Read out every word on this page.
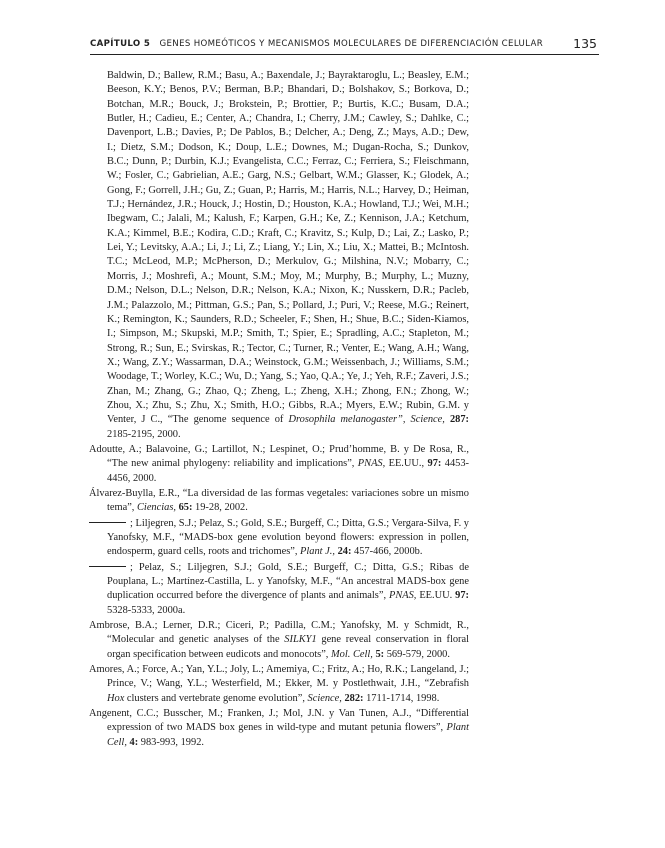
CAPÍTULO 5 GENES HOMEÓTICOS Y MECANISMOS MOLECULARES DE DIFERENCIACIÓN CELULAR 135

Baldwin, D.; Ballew, R.M.; Basu, A.; Baxendale, J.; Bayraktaroglu, L.; Beasley, E.M.; Beeson, K.Y.; Benos, P.V.; Berman, B.P.; Bhandari, D.; Bolshakov, S.; Borkova, D.; Botchan, M.R.; Bouck, J.; Brokstein, P.; Brottier, P.; Burtis, K.C.; Busam, D.A.; Butler, H.; Cadieu, E.; Center, A.; Chandra, I.; Cherry, J.M.; Cawley, S.; Dahlke, C.; Davenport, L.B.; Davies, P.; De Pablos, B.; Delcher, A.; Deng, Z.; Mays, A.D.; Dew, I.; Dietz, S.M.; Dodson, K.; Doup, L.E.; Downes, M.; Dugan-Rocha, S.; Dunkov, B.C.; Dunn, P.; Durbin, K.J.; Evangelista, C.C.; Ferraz, C.; Ferriera, S.; Fleischmann, W.; Fosler, C.; Gabrielian, A.E.; Garg, N.S.; Gelbart, W.M.; Glasser, K.; Glodek, A.; Gong, F.; Gorrell, J.H.; Gu, Z.; Guan, P.; Harris, M.; Harris, N.L.; Harvey, D.; Heiman, T.J.; Hernández, J.R.; Houck, J.; Hostin, D.; Houston, K.A.; Howland, T.J.; Wei, M.H.; Ibegwam, C.; Jalali, M.; Kalush, F.; Karpen, G.H.; Ke, Z.; Kennison, J.A.; Ketchum, K.A.; Kimmel, B.E.; Kodira, C.D.; Kraft, C.; Kravitz, S.; Kulp, D.; Lai, Z.; Lasko, P.; Lei, Y.; Levitsky, A.A.; Li, J.; Li, Z.; Liang, Y.; Lin, X.; Liu, X.; Mattei, B.; McIntosh. T.C.; McLeod, M.P.; McPherson, D.; Merkulov, G.; Milshina, N.V.; Mobarry, C.; Morris, J.; Moshrefi, A.; Mount, S.M.; Moy, M.; Murphy, B.; Murphy, L.; Muzny, D.M.; Nelson, D.L.; Nelson, D.R.; Nelson, K.A.; Nixon, K.; Nusskern, D.R.; Pacleb, J.M.; Palazzolo, M.; Pittman, G.S.; Pan, S.; Pollard, J.; Puri, V.; Reese, M.G.; Reinert, K.; Remington, K.; Saunders, R.D.; Scheeler, F.; Shen, H.; Shue, B.C.; Siden-Kiamos, I.; Simpson, M.; Skupski, M.P.; Smith, T.; Spier, E.; Spradling, A.C.; Stapleton, M.; Strong, R.; Sun, E.; Svirskas, R.; Tector, C.; Turner, R.; Venter, E.; Wang, A.H.; Wang, X.; Wang, Z.Y.; Wassarman, D.A.; Weinstock, G.M.; Weissenbach, J.; Williams, S.M.; Woodage, T.; Worley, K.C.; Wu, D.; Yang, S.; Yao, Q.A.; Ye, J.; Yeh, R.F.; Zaveri, J.S.; Zhan, M.; Zhang, G.; Zhao, Q.; Zheng, L.; Zheng, X.H.; Zhong, F.N.; Zhong, W.; Zhou, X.; Zhu, S.; Zhu, X.; Smith, H.O.; Gibbs, R.A.; Myers, E.W.; Rubin, G.M. y Venter, J C., “The genome sequence of Drosophila melanogaster”, Science, 287: 2185-2195, 2000.

Adoutte, A.; Balavoine, G.; Lartillot, N.; Lespinet, O.; Prud’homme, B. y De Rosa, R., “The new animal phylogeny: reliability and implications”, PNAS, EE.UU., 97: 4453-4456, 2000.

Álvarez-Buylla, E.R., “La diversidad de las formas vegetales: variaciones sobre un mismo tema”, Ciencias, 65: 19-28, 2002.

; Liljegren, S.J.; Pelaz, S.; Gold, S.E.; Burgeff, C.; Ditta, G.S.; Vergara-Silva, F. y Yanofsky, M.F., “MADS-box gene evolution beyond flowers: expression in pollen, endosperm, guard cells, roots and trichomes”, Plant J., 24: 457-466, 2000b.

; Pelaz, S.; Liljegren, S.J.; Gold, S.E.; Burgeff, C.; Ditta, G.S.; Ribas de Pouplana, L.; Martínez-Castilla, L. y Yanofsky, M.F., “An ancestral MADS-box gene duplication occurred before the divergence of plants and animals”, PNAS, EE.UU. 97: 5328-5333, 2000a.

Ambrose, B.A.; Lerner, D.R.; Ciceri, P.; Padilla, C.M.; Yanofsky, M. y Schmidt, R., “Molecular and genetic analyses of the SILKY1 gene reveal conservation in floral organ specification between eudicots and monocots”, Mol. Cell, 5: 569-579, 2000.

Amores, A.; Force, A.; Yan, Y.L.; Joly, L.; Amemiya, C.; Fritz, A.; Ho, R.K.; Langeland, J.; Prince, V.; Wang, Y.L.; Westerfield, M.; Ekker, M. y Postlethwait, J.H., “Zebrafish Hox clusters and vertebrate genome evolution”, Science, 282: 1711-1714, 1998.

Angenent, C.C.; Busscher, M.; Franken, J.; Mol, J.N. y Van Tunen, A.J., “Differential expression of two MADS box genes in wild-type and mutant petunia flowers”, Plant Cell, 4: 983-993, 1992.
